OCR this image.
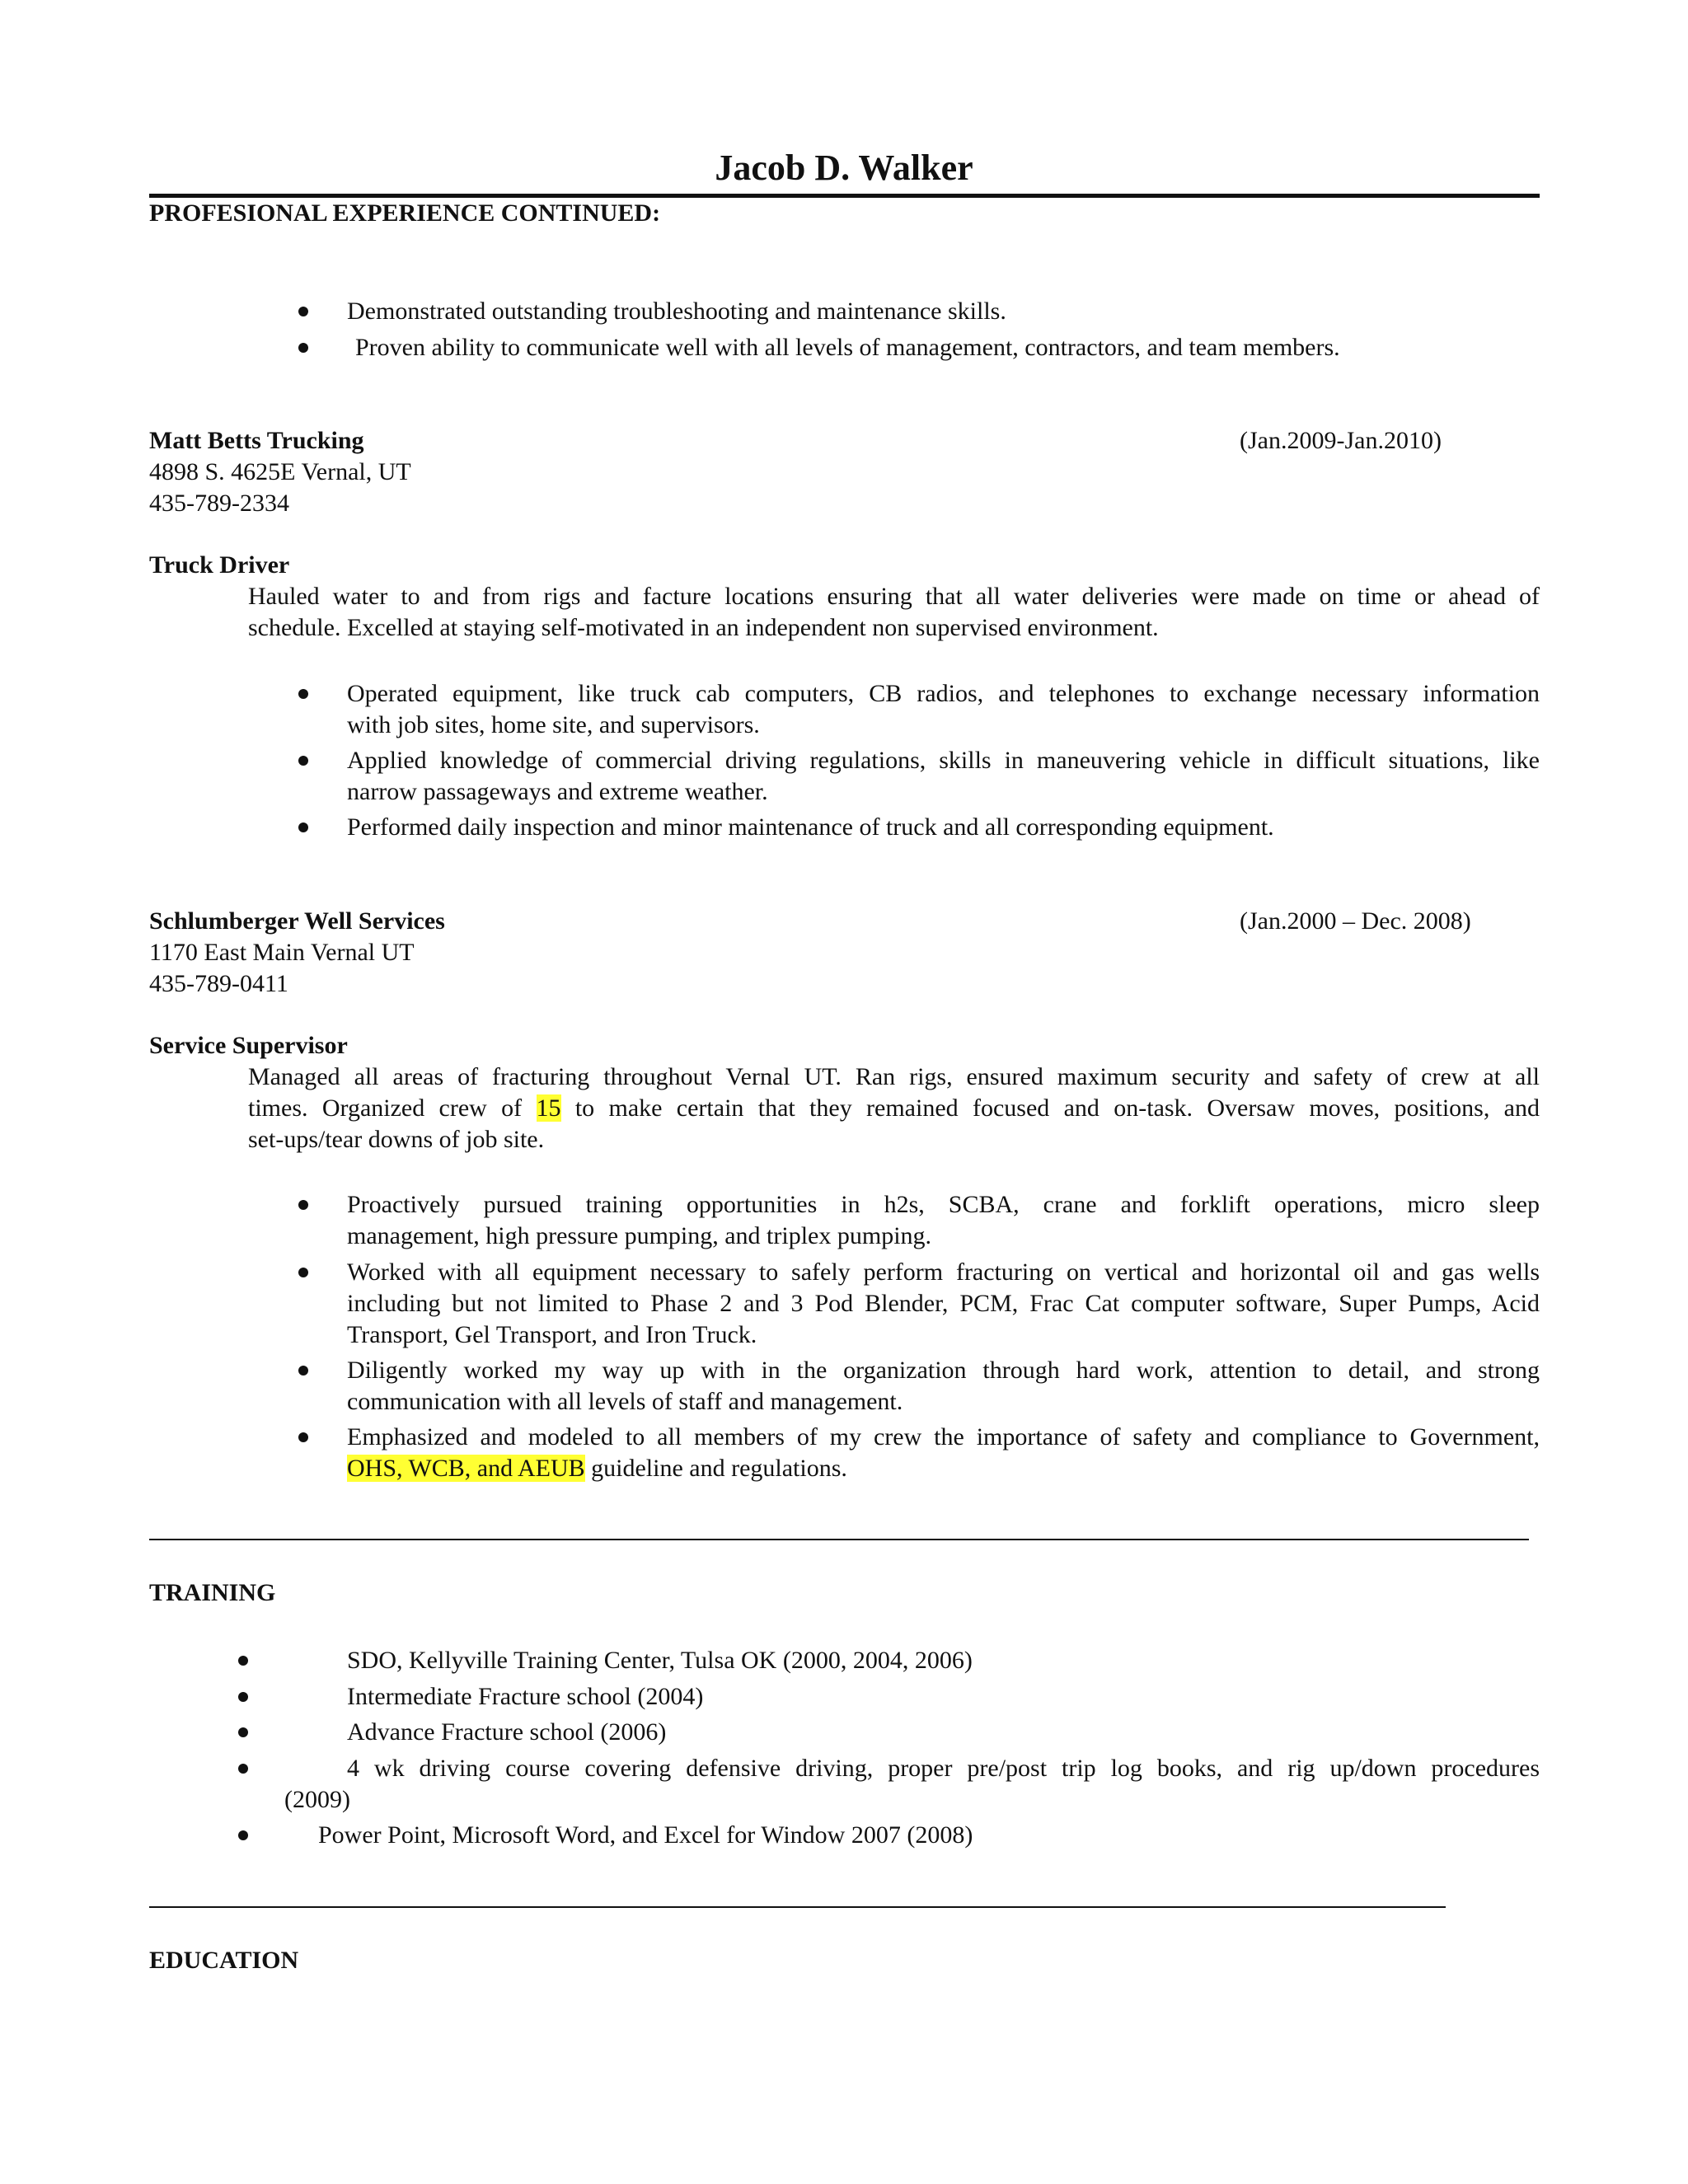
Jacob D. Walker
PROFESIONAL EXPERIENCE CONTINUED:
Demonstrated outstanding troubleshooting and maintenance skills.
Proven ability to communicate well with all levels of management, contractors, and team members.
Matt Betts Trucking	(Jan.2009-Jan.2010)
4898 S. 4625E Vernal, UT
435-789-2334
Truck Driver
Hauled water to and from rigs and facture locations ensuring that all water deliveries were made on time or ahead of
schedule. Excelled at staying self-motivated in an independent non supervised environment.
Operated equipment, like truck cab computers, CB radios, and telephones to exchange necessary information
with job sites, home site, and supervisors.
Applied knowledge of commercial driving regulations, skills in maneuvering vehicle in difficult situations, like
narrow passageways and extreme weather.
Performed daily inspection and minor maintenance of truck and all corresponding equipment.
Schlumberger Well Services	(Jan.2000 – Dec. 2008)
1170 East Main Vernal UT
435-789-0411
Service Supervisor
Managed all areas of fracturing throughout Vernal UT. Ran rigs, ensured maximum security and safety of crew at all
times. Organized crew of 15 to make certain that they remained focused and on-task. Oversaw moves, positions, and
set-ups/tear downs of job site.
Proactively pursued training opportunities in h2s, SCBA, crane and forklift operations, micro sleep
management, high pressure pumping, and triplex pumping.
Worked with all equipment necessary to safely perform fracturing on vertical and horizontal oil and gas wells
including but not limited to Phase 2 and 3 Pod Blender, PCM, Frac Cat computer software, Super Pumps, Acid
Transport, Gel Transport, and Iron Truck.
Diligently worked my way up with in the organization through hard work, attention to detail, and strong
communication with all levels of staff and management.
Emphasized and modeled to all members of my crew the importance of safety and compliance to Government,
OHS, WCB, and AEUB guideline and regulations.
TRAINING
SDO, Kellyville Training Center, Tulsa OK (2000, 2004, 2006)
Intermediate Fracture school (2004)
Advance Fracture school (2006)
4 wk driving course covering defensive driving, proper pre/post trip log books, and rig up/down procedures
(2009)
Power Point, Microsoft Word, and Excel for Window 2007 (2008)
EDUCATION
